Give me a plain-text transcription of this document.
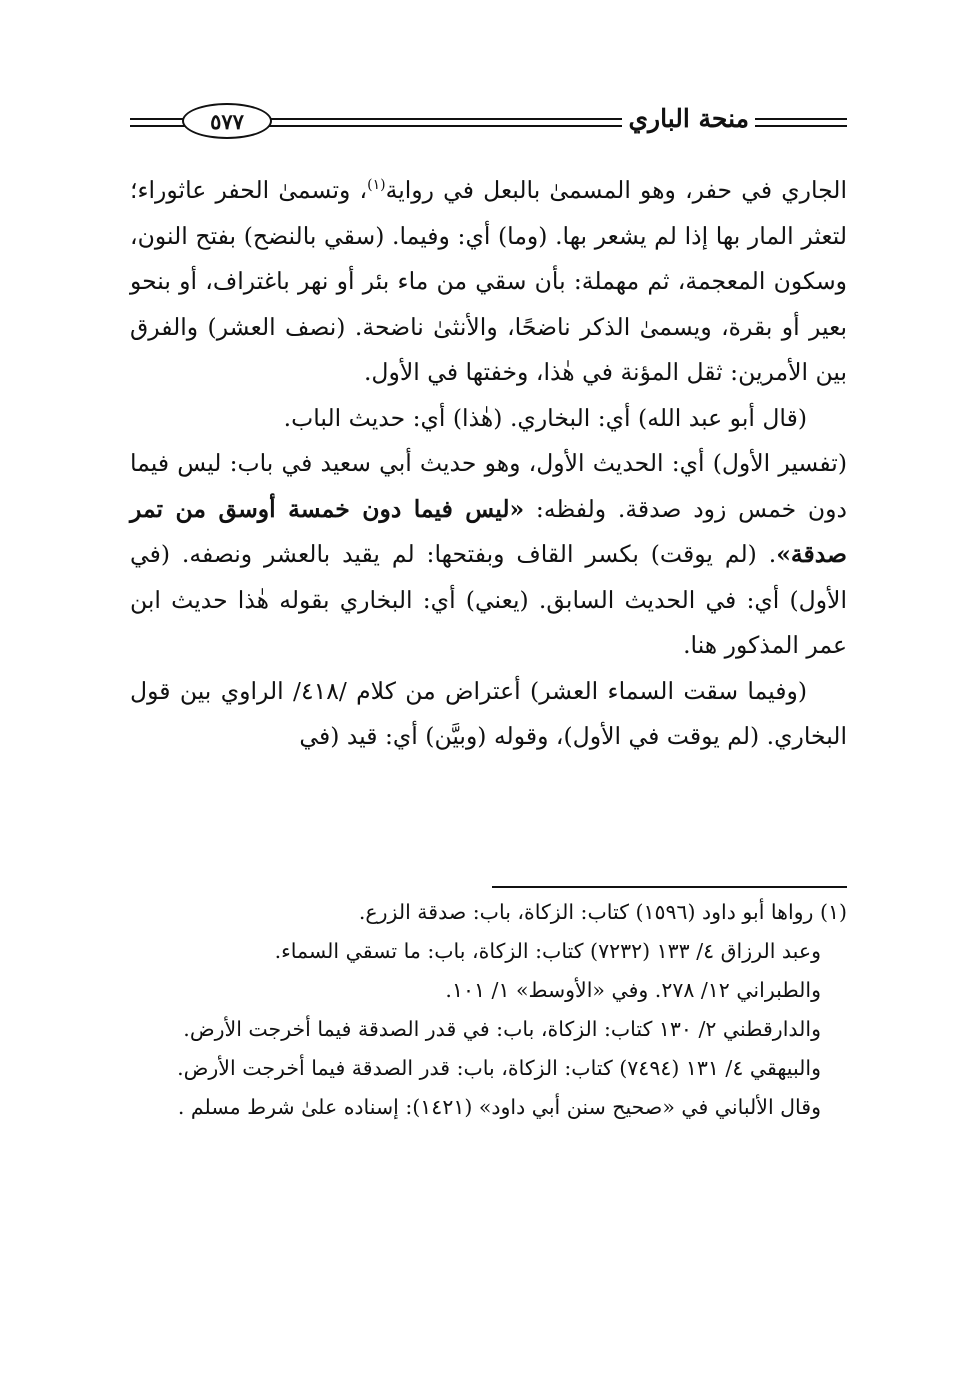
منحة الباري
٥٧٧

الجاري في حفر، وهو المسمىٰ بالبعل في رواية$^{(١)}$، وتسمىٰ الحفر عاثوراء؛ لتعثر المار بها إذا لم يشعر بها. (وما) أي: وفيما. (سقي بالنضح) بفتح النون، وسكون المعجمة، ثم مهملة: بأن سقي من ماء بئر أو نهر باغتراف، أو بنحو بعير أو بقرة، ويسمىٰ الذكر ناضحًا، والأنثىٰ ناضحة. (نصف العشر) والفرق بين الأمرين: ثقل المؤنة في هٰذا، وخفتها في الأول.

(قال أبو عبد الله) أي: البخاري. (هٰذا) أي: حديث الباب.

(تفسير الأول) أي: الحديث الأول، وهو حديث أبي سعيد في باب: ليس فيما دون خمس زود صدقة. ولفظه: «ليس فيما دون خمسة أوسق من تمر صدقة». (لم يوقت) بكسر القاف وبفتحها: لم يقيد بالعشر ونصفه. (في الأول) أي: في الحديث السابق. (يعني) أي: البخاري بقوله هٰذا حديث ابن عمر المذكور هنا.

(وفيما سقت السماء العشر) أعتراض من كلام /٤١٨/ الراوي بين قول البخاري. (لم يوقت في الأول)، وقوله (وبيَّن) أي: قيد (في

(١) رواها أبو داود (١٥٩٦) كتاب: الزكاة، باب: صدقة الزرع.

وعبد الرزاق ٤/ ١٣٣ (٧٢٣٢) كتاب: الزكاة، باب: ما تسقي السماء.

والطبراني ١٢/ ٢٧٨. وفي «الأوسط» ١/ ١٠١.

والدارقطني ٢/ ١٣٠ كتاب: الزكاة، باب: في قدر الصدقة فيما أخرجت الأرض.

والبيهقي ٤/ ١٣١ (٧٤٩٤) كتاب: الزكاة، باب: قدر الصدقة فيما أخرجت الأرض.

وقال الألباني في «صحيح سنن أبي داود» (١٤٢١): إسناده علىٰ شرط مسلم .
